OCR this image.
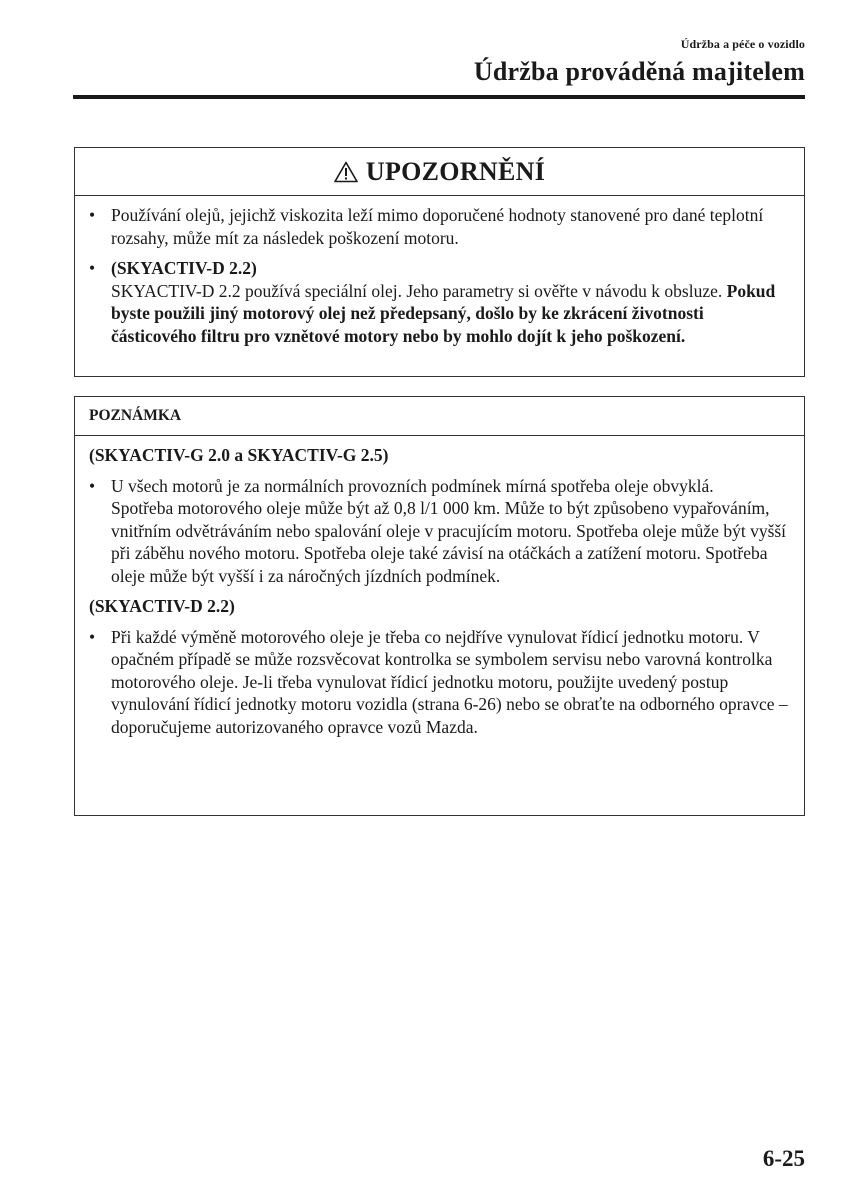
Údržba a péče o vozidlo
Údržba prováděná majitelem
UPOZORNĚNÍ
• Používání olejů, jejichž viskozita leží mimo doporučené hodnoty stanovené pro dané teplotní rozsahy, může mít za následek poškození motoru.

• (SKYACTIV-D 2.2)

SKYACTIV-D 2.2 používá speciální olej. Jeho parametry si ověřte v návodu k obsluze. Pokud byste použili jiný motorový olej než předepsaný, došlo by ke zkrácení životnosti částicového filtru pro vznětové motory nebo by mohlo dojít k jeho poškození.

POZNÁMKA

(SKYACTIV-G 2.0 a SKYACTIV-G 2.5)

• U všech motorů je za normálních provozních podmínek mírná spotřeba oleje obvyklá.

Spotřeba motorového oleje může být až 0,8 l/1 000 km. Může to být způsobeno vypařováním, vnitřním odvětráváním nebo spalování oleje v pracujícím motoru. Spotřeba oleje může být vyšší při záběhu nového motoru. Spotřeba oleje také závisí na otáčkách a zatížení motoru. Spotřeba oleje může být vyšší i za náročných jízdních podmínek.

(SKYACTIV-D 2.2)

• Při každé výměně motorového oleje je třeba co nejdříve vynulovat řídicí jednotku motoru. V opačném případě se může rozsvěcovat kontrolka se symbolem servisu nebo varovná kontrolka motorového oleje. Je-li třeba vynulovat řídicí jednotku motoru, použijte uvedený postup vynulování řídicí jednotky motoru vozidla (strana 6-26) nebo se obraťte na odborného opravce – doporučujeme autorizovaného opravce vozů Mazda.

6-25
